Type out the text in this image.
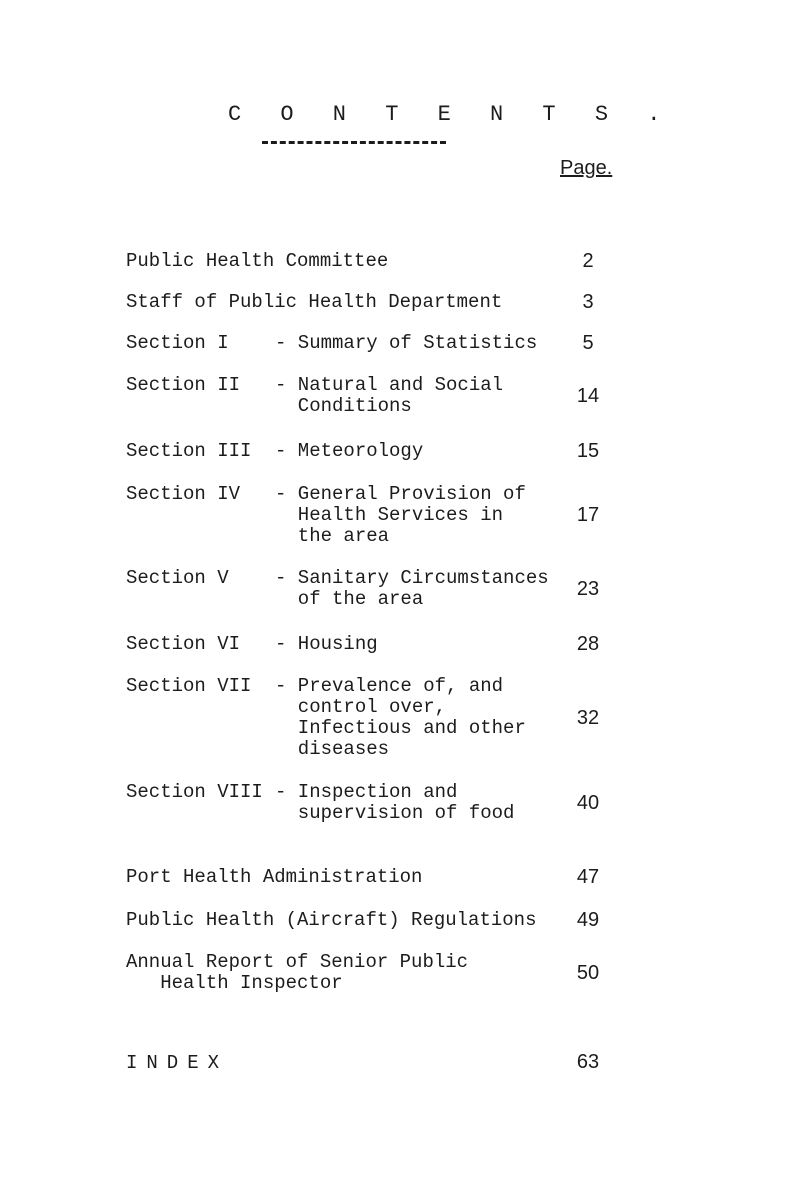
C O N T E N T S .
Page.
Public Health Committee	2
Staff of Public Health Department	3
Section I - Summary of Statistics	5
Section II - Natural and Social
Conditions	14
Section III - Meteorology	15
Section IV - General Provision of
Health Services in
the area
17
Section V - Sanitary Circumstances
of the area	23
Section VI - Housing	28
Section VII - Prevalence of, and
control over,
Infectious and other
diseases
32
Section VIII - Inspection and
supervision of food	40
Port Health Administration	47
Public Health (Aircraft) Regulations	49
Annual Report of Senior Public
Health Inspector	50
INDEX	63
